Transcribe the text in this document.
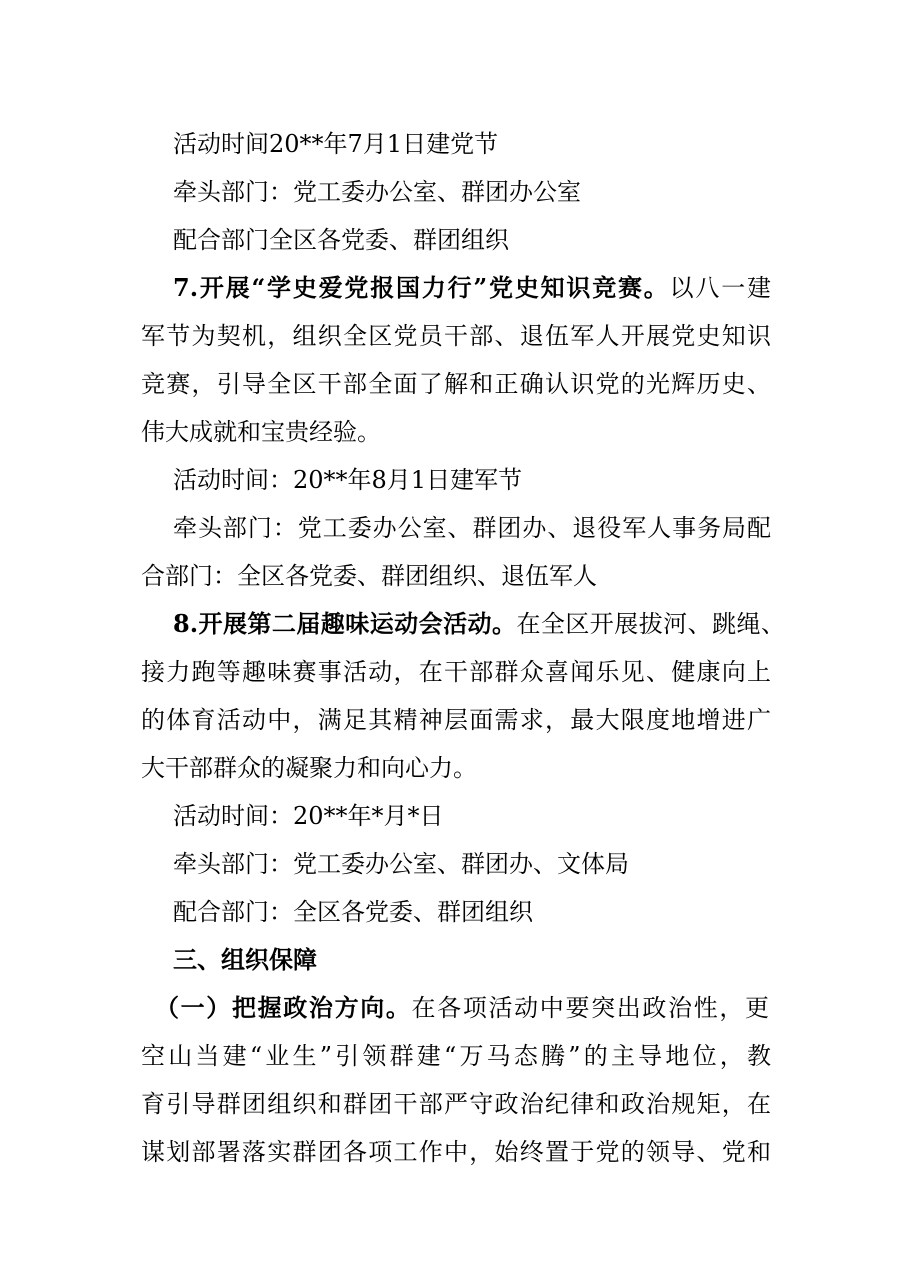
活动时间20**年7月1日建党节
牵头部门：党工委办公室、群团办公室
配合部门全区各党委、群团组织
7.开展“学史爱党报国力行”党史知识竞赛。以八一建
军节为契机，组织全区党员干部、退伍军人开展党史知识
竞赛，引导全区干部全面了解和正确认识党的光辉历史、
伟大成就和宝贵经验。
活动时间：20**年8月1日建军节
牵头部门：党工委办公室、群团办、退役军人事务局配
合部门：全区各党委、群团组织、退伍军人
8.开展第二届趣味运动会活动。在全区开展拔河、跳绳、
接力跑等趣味赛事活动，在干部群众喜闻乐见、健康向上
的体育活动中，满足其精神层面需求，最大限度地增进广
大干部群众的凝聚力和向心力。
活动时间：20**年*月*日
牵头部门：党工委办公室、群团办、文体局
配合部门：全区各党委、群团组织
三、组织保障
（一）把握政治方向。在各项活动中要突出政治性，更
空山当建“业生”引领群建“万马态腾”的主导地位，教
育引导群团组织和群团干部严守政治纪律和政治规矩，在
谋划部署落实群团各项工作中，始终置于党的领导、党和
